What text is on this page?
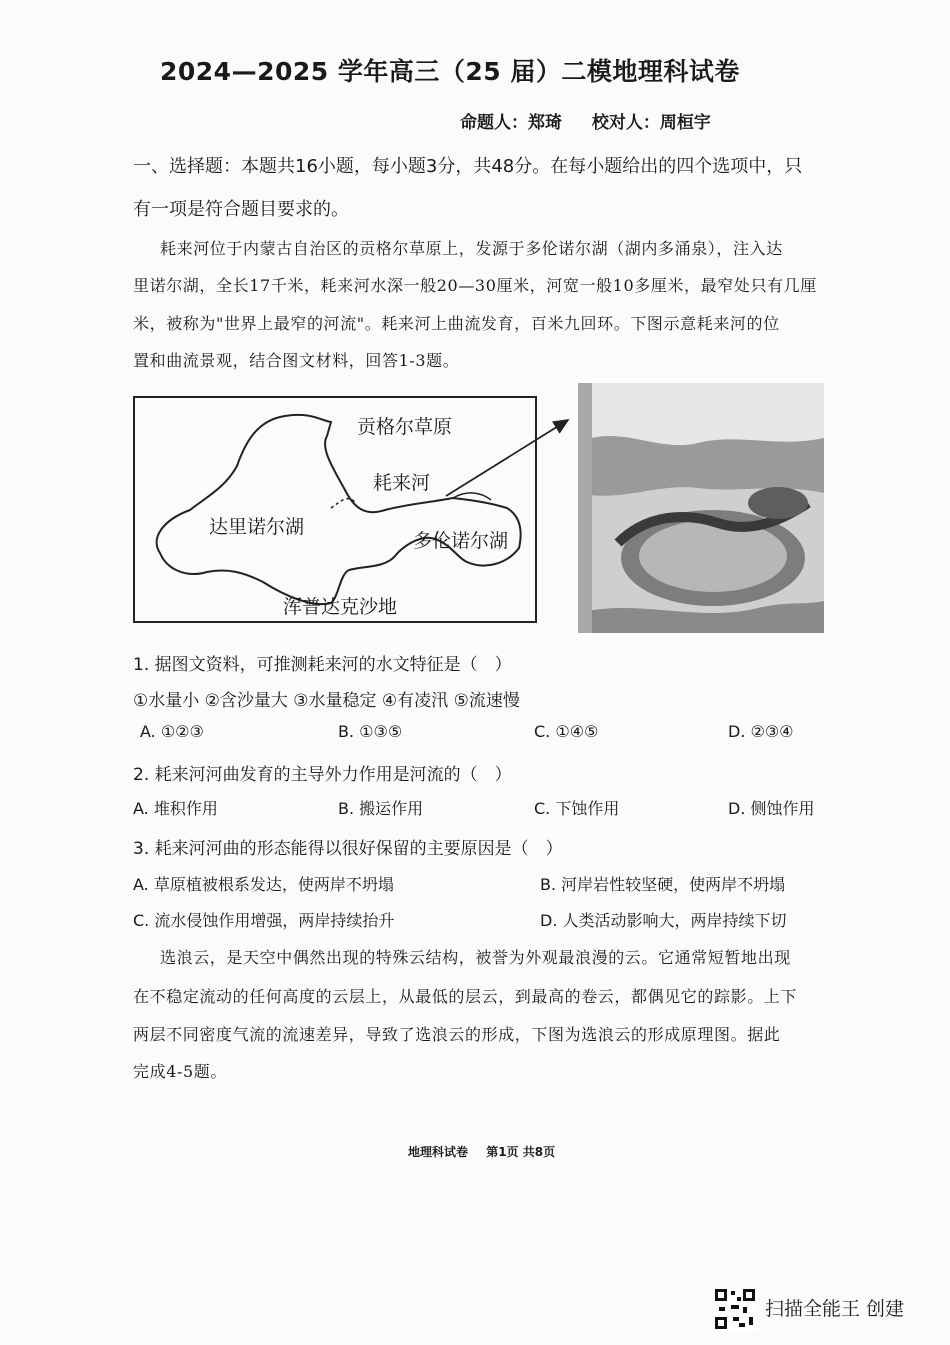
2024—2025 学年高三（25 届）二模地理科试卷
命题人：郑琦 校对人：周桓宇
一、选择题：本题共16小题，每小题3分，共48分。在每小题给出的四个选项中，只
有一项是符合题目要求的。
耗来河位于内蒙古自治区的贡格尔草原上，发源于多伦诺尔湖（湖内多涌泉），注入达
里诺尔湖，全长17千米，耗来河水深一般20—30厘米，河宽一般10多厘米，最窄处只有几厘
米，被称为"世界上最窄的河流"。耗来河上曲流发育，百米九回环。下图示意耗来河的位
置和曲流景观，结合图文材料，回答1-3题。
贡格尔草原
耗来河
达里诺尔湖
多伦诺尔湖
浑普达克沙地
1. 据图文资料，可推测耗来河的水文特征是（　）
①水量小 ②含沙量大 ③水量稳定 ④有凌汛 ⑤流速慢
A. ①②③	B. ①③⑤	C. ①④⑤	D. ②③④
2. 耗来河河曲发育的主导外力作用是河流的（　）
A. 堆积作用	B. 搬运作用	C. 下蚀作用	D. 侧蚀作用
3. 耗来河河曲的形态能得以很好保留的主要原因是（　）
A. 草原植被根系发达，使两岸不坍塌	B. 河岸岩性较坚硬，使两岸不坍塌
C. 流水侵蚀作用增强，两岸持续抬升	D. 人类活动影响大，两岸持续下切
选浪云，是天空中偶然出现的特殊云结构，被誉为外观最浪漫的云。它通常短暂地出现
在不稳定流动的任何高度的云层上，从最低的层云，到最高的卷云，都偶见它的踪影。上下
两层不同密度气流的流速差异，导致了选浪云的形成，下图为选浪云的形成原理图。据此
完成4-5题。
地理科试卷 第1页 共8页
扫描全能王 创建
